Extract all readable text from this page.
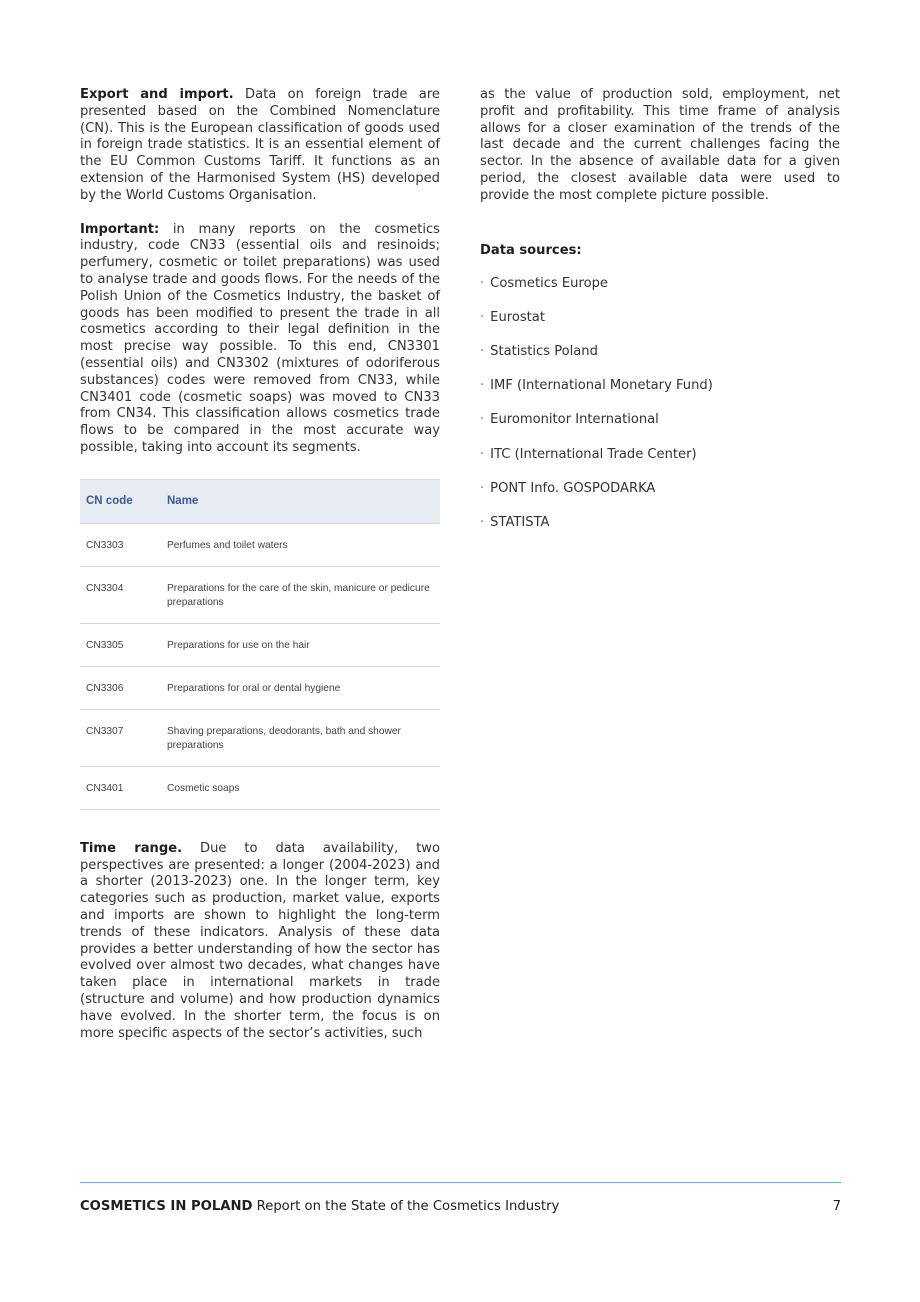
Export and import. Data on foreign trade are presented based on the Combined Nomenclature (CN). This is the European classification of goods used in foreign trade statistics. It is an essential element of the EU Common Customs Tariff. It functions as an extension of the Harmonised System (HS) developed by the World Customs Organisation.

Important: in many reports on the cosmetics industry, code CN33 (essential oils and resinoids; perfumery, cosmetic or toilet preparations) was used to analyse trade and goods flows. For the needs of the Polish Union of the Cosmetics Industry, the basket of goods has been modified to present the trade in all cosmetics according to their legal definition in the most precise way possible. To this end, CN3301 (essential oils) and CN3302 (mixtures of odoriferous substances) codes were removed from CN33, while CN3401 code (cosmetic soaps) was moved to CN33 from CN34. This classification allows cosmetics trade flows to be compared in the most accurate way possible, taking into account its segments.

CN code	Name
CN3303	Perfumes and toilet waters
CN3304	Preparations for the care of the skin, manicure or pedicure preparations
CN3305	Preparations for use on the hair
CN3306	Preparations for oral or dental hygiene
CN3307	Shaving preparations, deodorants, bath and shower preparations
CN3401	Cosmetic soaps

Time range. Due to data availability, two perspectives are presented: a longer (2004-2023) and a shorter (2013-2023) one. In the longer term, key categories such as production, market value, exports and imports are shown to highlight the long-term trends of these indicators. Analysis of these data provides a better understanding of how the sector has evolved over almost two decades, what changes have taken place in international markets in trade (structure and volume) and how production dynamics have evolved. In the shorter term, the focus is on more specific aspects of the sector’s activities, such

as the value of production sold, employment, net profit and profitability. This time frame of analysis allows for a closer examination of the trends of the last decade and the current challenges facing the sector. In the absence of available data for a given period, the closest available data were used to provide the most complete picture possible.

Data sources:
· Cosmetics Europe
· Eurostat
· Statistics Poland
· IMF (International Monetary Fund)
· Euromonitor International
· ITC (International Trade Center)
· PONT Info. GOSPODARKA
· STATISTA
COSMETICS IN POLAND Report on the State of the Cosmetics Industry	7
